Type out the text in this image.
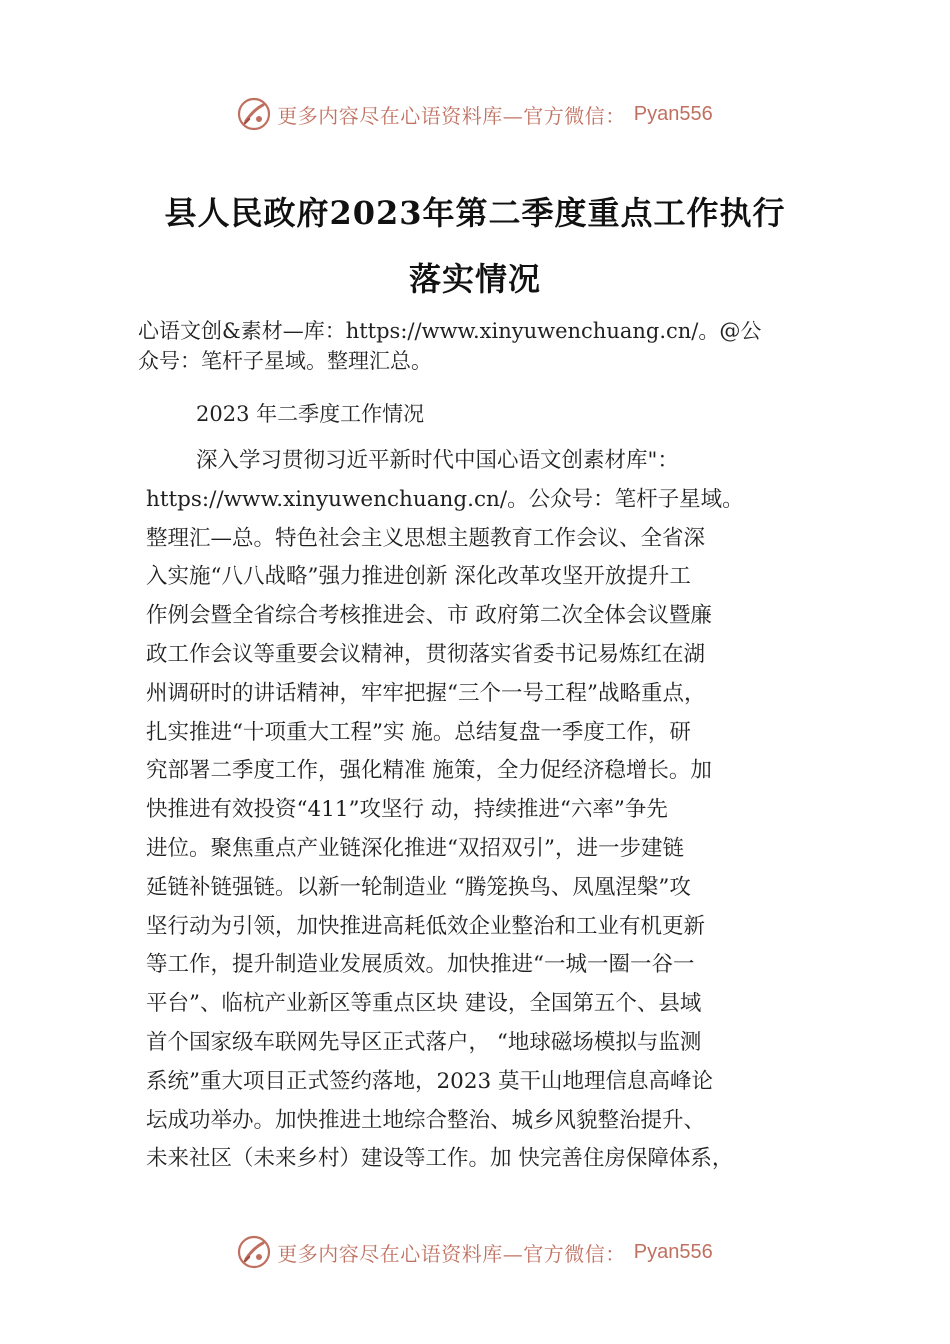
更多内容尽在心语资料库—官方微信： Pyan556
县人民政府2023年第二季度重点工作执行
落实情况
心语文创&素材—库：https://www.xinyuwenchuang.cn/。@公
众号：笔杆子星域。整理汇总。
2023 年二季度工作情况
深入学习贯彻习近平新时代中国心语文创素材库"：
https://www.xinyuwenchuang.cn/。公众号：笔杆子星域。
整理汇—总。特色社会主义思想主题教育工作会议、全省深
入实施“八八战略”强力推进创新 深化改革攻坚开放提升工
作例会暨全省综合考核推进会、市 政府第二次全体会议暨廉
政工作会议等重要会议精神，贯彻落实省委书记易炼红在湖
州调研时的讲话精神，牢牢把握“三个一号工程”战略重点，
扎实推进“十项重大工程”实 施。总结复盘一季度工作，研
究部署二季度工作，强化精准 施策，全力促经济稳增长。加
快推进有效投资“411”攻坚行 动，持续推进“六率”争先
进位。聚焦重点产业链深化推进“双招双引”，进一步建链
延链补链强链。以新一轮制造业 “腾笼换鸟、凤凰涅槃”攻
坚行动为引领，加快推进高耗低效企业整治和工业有机更新
等工作，提升制造业发展质效。加快推进“一城一圈一谷一
平台”、临杭产业新区等重点区块 建设，全国第五个、县域
首个国家级车联网先导区正式落户， “地球磁场模拟与监测
系统”重大项目正式签约落地，2023 莫干山地理信息高峰论
坛成功举办。加快推进土地综合整治、城乡风貌整治提升、
未来社区（未来乡村）建设等工作。加 快完善住房保障体系，
更多内容尽在心语资料库—官方微信： Pyan556
